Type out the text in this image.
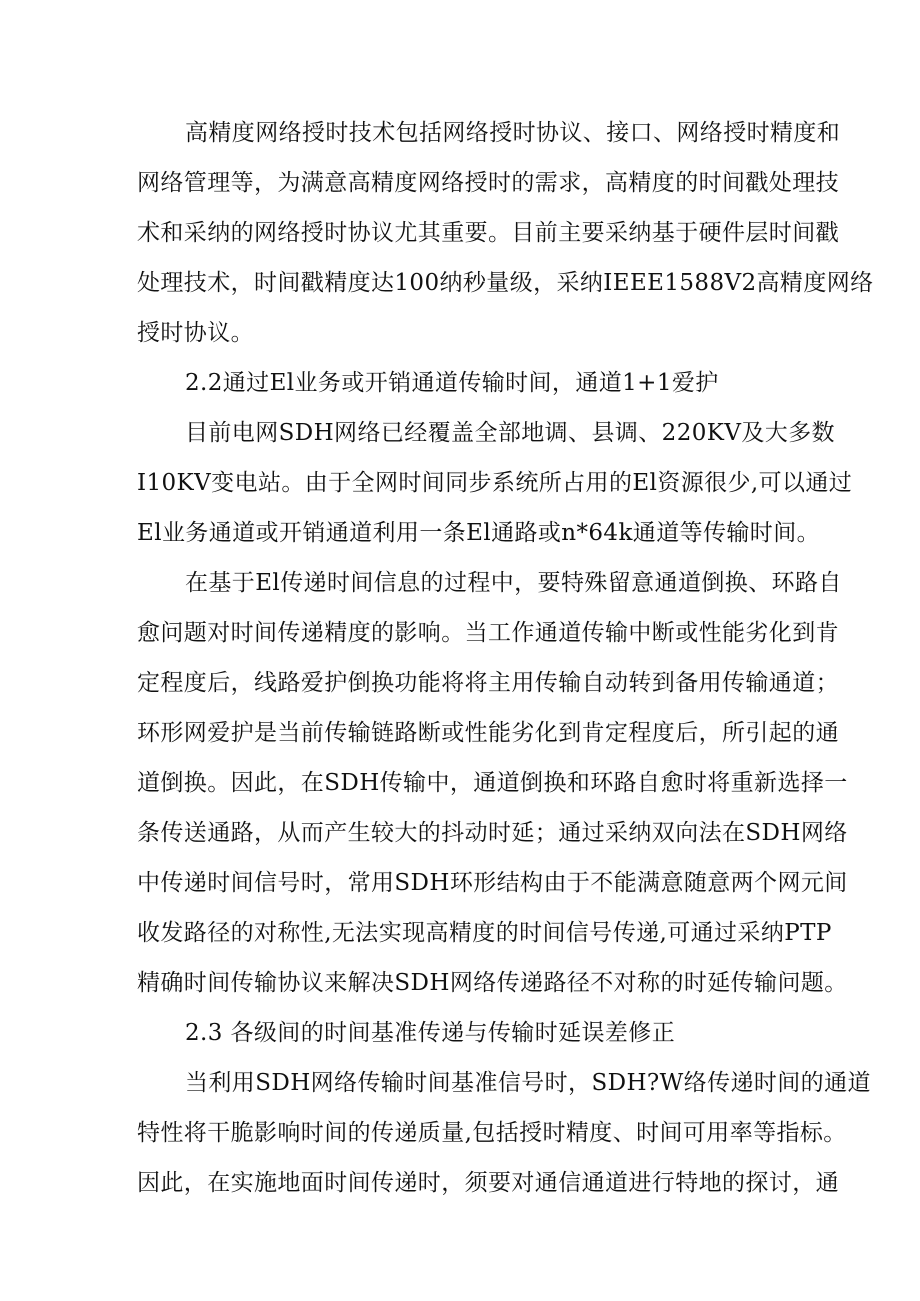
高精度网络授时技术包括网络授时协议、接口、网络授时精度和
网络管理等，为满意高精度网络授时的需求，高精度的时间戳处理技
术和采纳的网络授时协议尤其重要。目前主要采纳基于硬件层时间戳
处理技术，时间戳精度达100纳秒量级，采纳IEEE1588V2高精度网络
授时协议。
2.2通过El业务或开销通道传输时间，通道1+1爱护
目前电网SDH网络已经覆盖全部地调、县调、220KV及大多数
I10KV变电站。由于全网时间同步系统所占用的El资源很少,可以通过
El业务通道或开销通道利用一条El通路或n*64k通道等传输时间。
在基于El传递时间信息的过程中，要特殊留意通道倒换、环路自
愈问题对时间传递精度的影响。当工作通道传输中断或性能劣化到肯
定程度后，线路爱护倒换功能将将主用传输自动转到备用传输通道；
环形网爱护是当前传输链路断或性能劣化到肯定程度后，所引起的通
道倒换。因此，在SDH传输中，通道倒换和环路自愈时将重新选择一
条传送通路，从而产生较大的抖动时延；通过采纳双向法在SDH网络
中传递时间信号时，常用SDH环形结构由于不能满意随意两个网元间
收发路径的对称性,无法实现高精度的时间信号传递,可通过采纳PTP
精确时间传输协议来解决SDH网络传递路径不对称的时延传输问题。
2.3 各级间的时间基准传递与传输时延误差修正
当利用SDH网络传输时间基准信号时，SDH?W络传递时间的通道
特性将干脆影响时间的传递质量,包括授时精度、时间可用率等指标。
因此，在实施地面时间传递时，须要对通信通道进行特地的探讨，通
